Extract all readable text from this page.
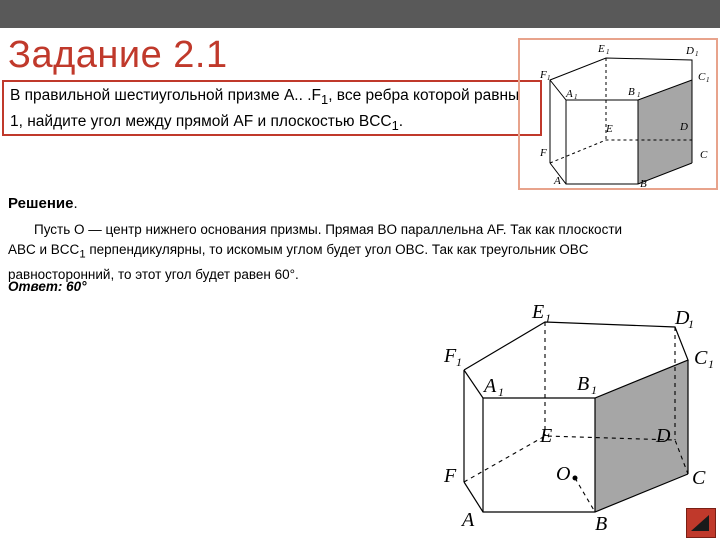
Задание 2.1
В правильной шестиугольной призме A.. $.F_1$, все ребра которой равны 1, найдите угол между прямой AF и плоскостью $BCC_1$.
E 1	D 1
F 1	C 1
A 1	B 1
E	D
F	C
A	B
Решение.
Пусть O — центр нижнего основания призмы. Прямая BO параллельна AF. Так как плоскости
ABC и $BCC_1$ перпендикулярны, то искомым углом будет угол OBC. Так как треугольник OBC
равносторонний, то этот угол будет равен 60°.
Ответ: 60°
E 1	D
1
F 1	C 1
A 1	B 1
E	D
F	O	C
A	B
